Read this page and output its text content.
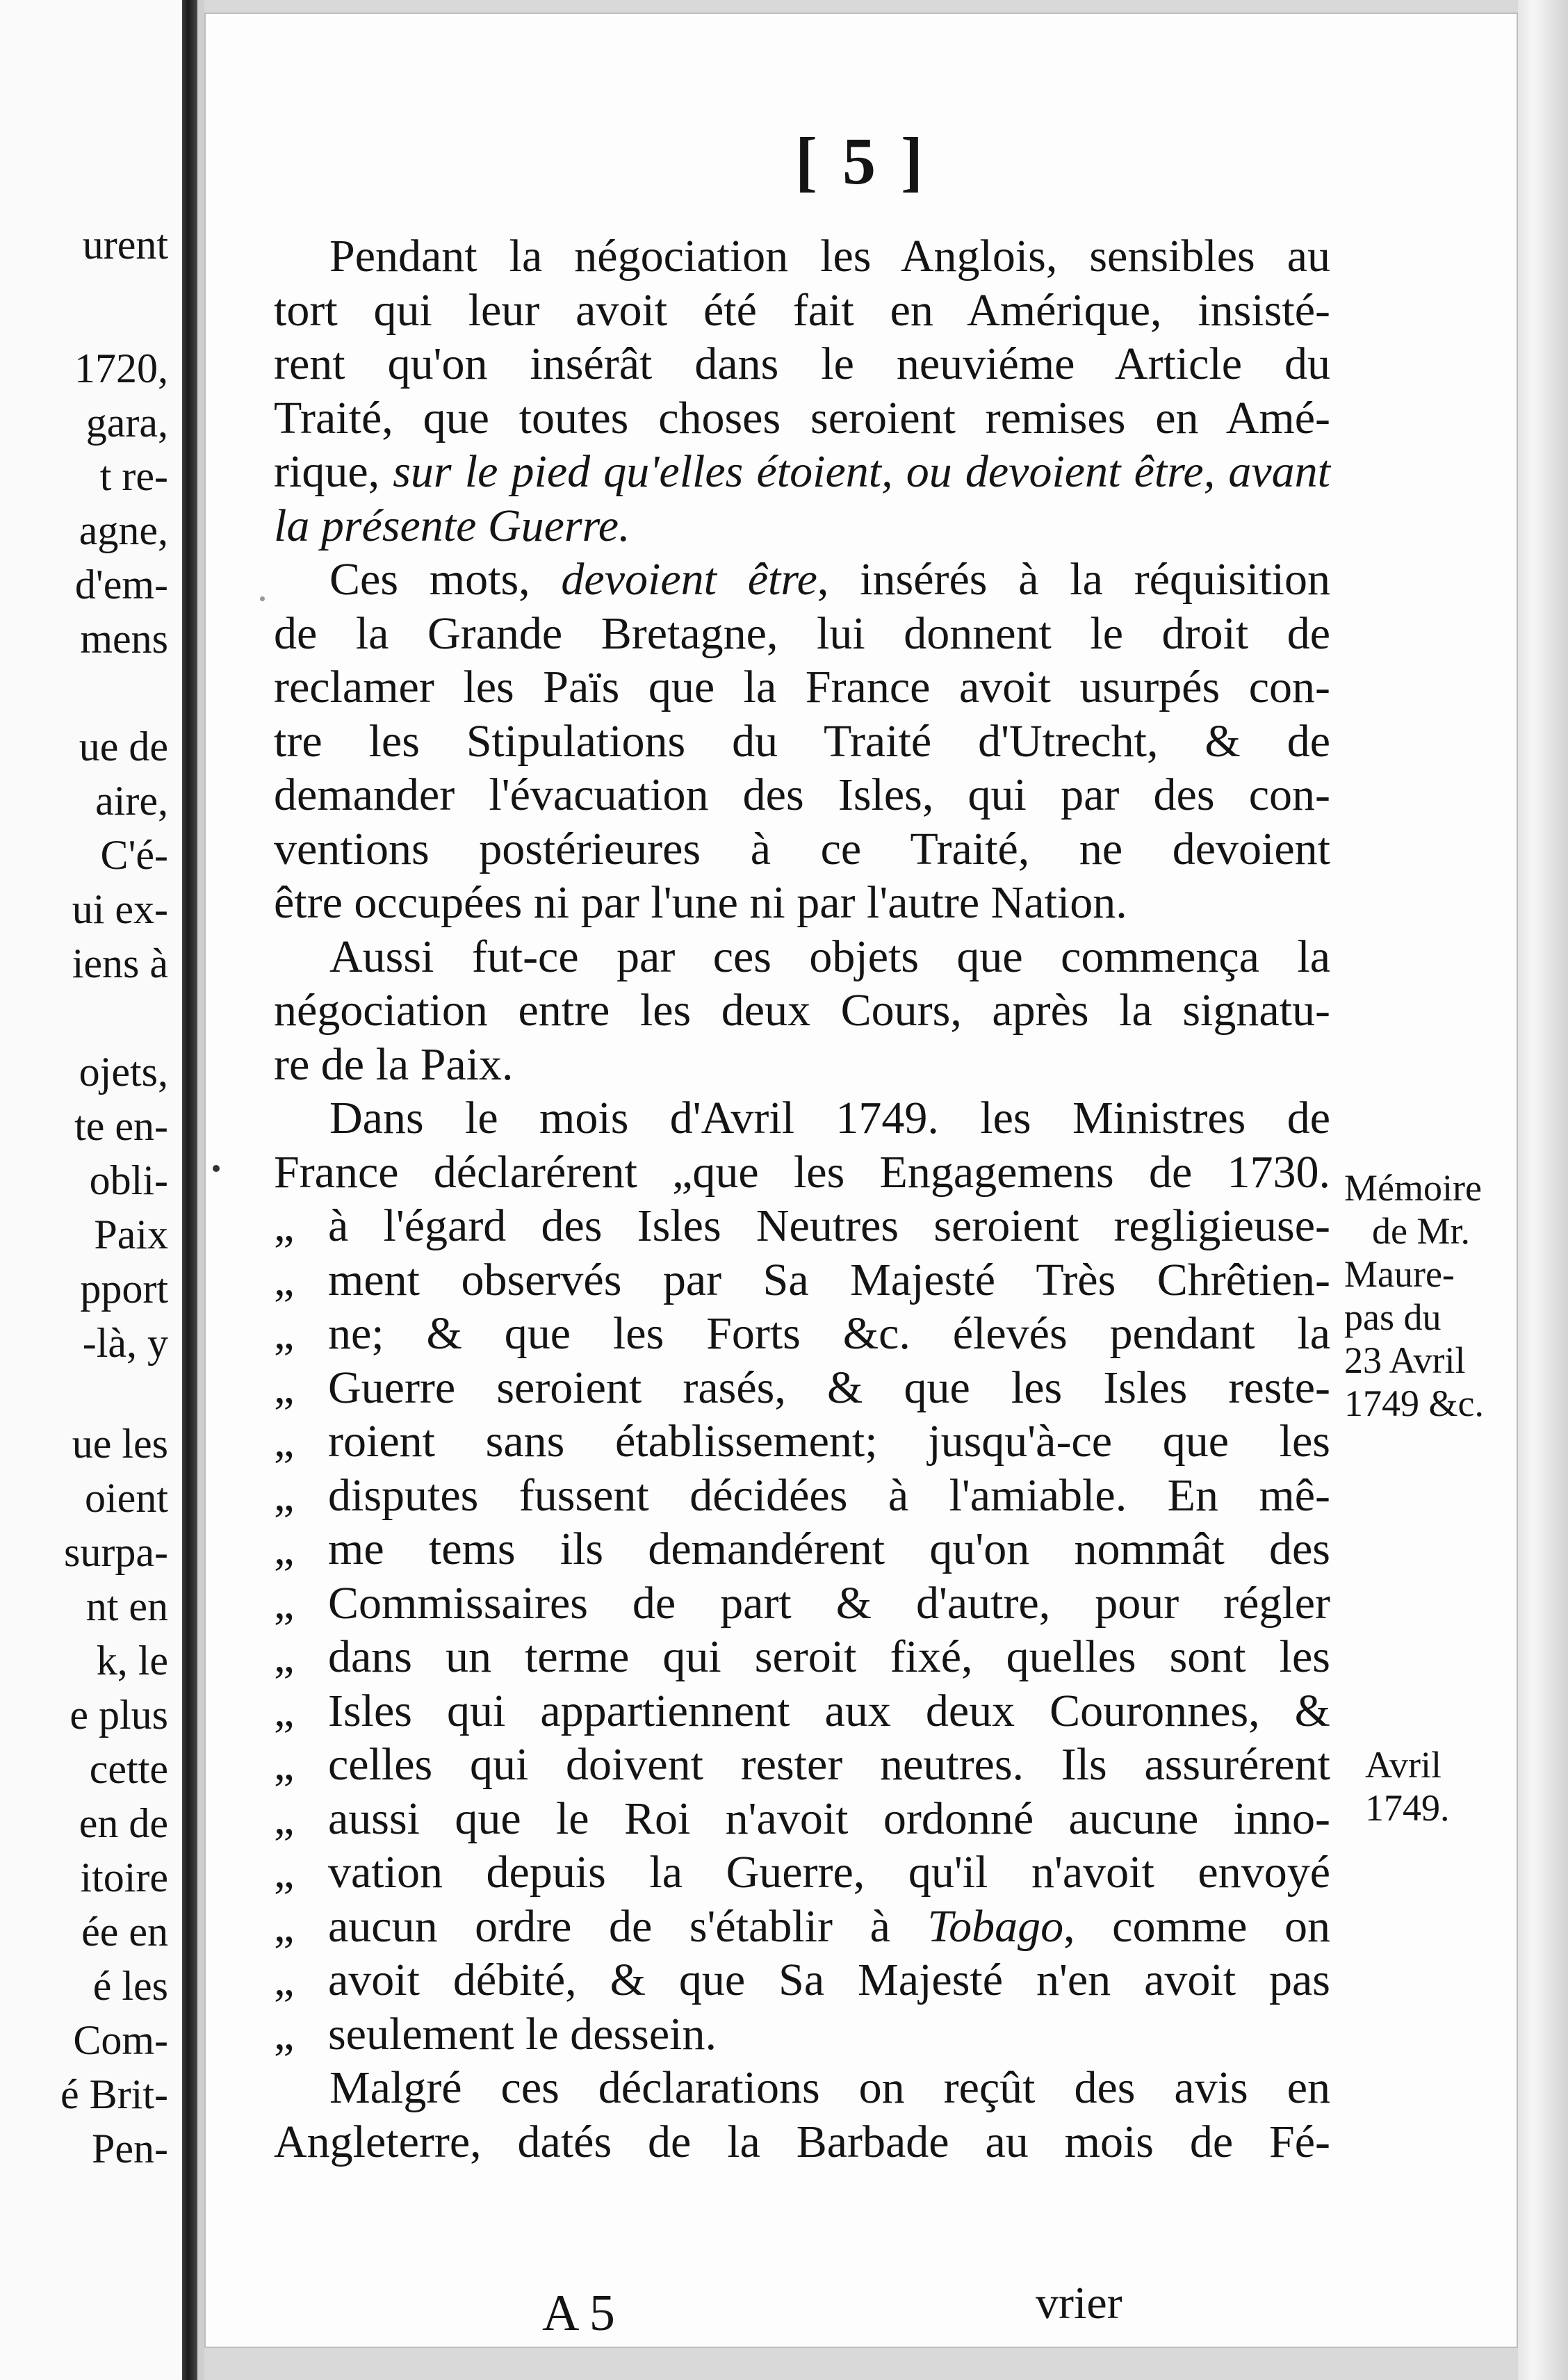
urent
1720,
gara,
t re-
agne,
d'em-
mens
ue de
aire,
C'é-
ui ex-
iens à
ojets,
te en-
obli-
Paix
pport
-là, y
ue les
oient
surpa-
nt en
k, le
e plus
cette
en de
itoire
ée en
é les
Com-
é Brit-
Pen-
[ 5 ]
Pendant la négociation les Anglois, sensibles au
tort qui leur avoit été fait en Amérique, insisté-
rent qu'on insérât dans le neuviéme Article du
Traité, que toutes choses seroient remises en Amé-
rique, sur le pied qu'elles étoient, ou devoient être, avant
la présente Guerre.
Ces mots, devoient être, insérés à la réquisition
de la Grande Bretagne, lui donnent le droit de
reclamer les Païs que la France avoit usurpés con-
tre les Stipulations du Traité d'Utrecht, & de
demander l'évacuation des Isles, qui par des con-
ventions postérieures à ce Traité, ne devoient
être occupées ni par l'une ni par l'autre Nation.
Aussi fut-ce par ces objets que commença la
négociation entre les deux Cours, après la signatu-
re de la Paix.
Dans le mois d'Avril 1749. les Ministres de
France déclarérent „que les Engagemens de 1730.
„ à l'égard des Isles Neutres seroient regligieuse-
„ ment observés par Sa Majesté Très Chrêtien-
„ ne; & que les Forts &c. élevés pendant la
„ Guerre seroient rasés, & que les Isles reste-
„ roient sans établissement; jusqu'à-ce que les
„ disputes fussent décidées à l'amiable. En mê-
„ me tems ils demandérent qu'on nommât des
„ Commissaires de part & d'autre, pour régler
„ dans un terme qui seroit fixé, quelles sont les
„ Isles qui appartiennent aux deux Couronnes, &
„ celles qui doivent rester neutres. Ils assurérent
„ aussi que le Roi n'avoit ordonné aucune inno-
„ vation depuis la Guerre, qu'il n'avoit envoyé
„ aucun ordre de s'établir à Tobago, comme on
„ avoit débité, & que Sa Majesté n'en avoit pas
„ seulement le dessein.
Malgré ces déclarations on reçût des avis en
Angleterre, datés de la Barbade au mois de Fé-
Mémoire
de Mr.
Maure-
pas du
23 Avril
1749 &c.
Avril
1749.
A 5	vrier
